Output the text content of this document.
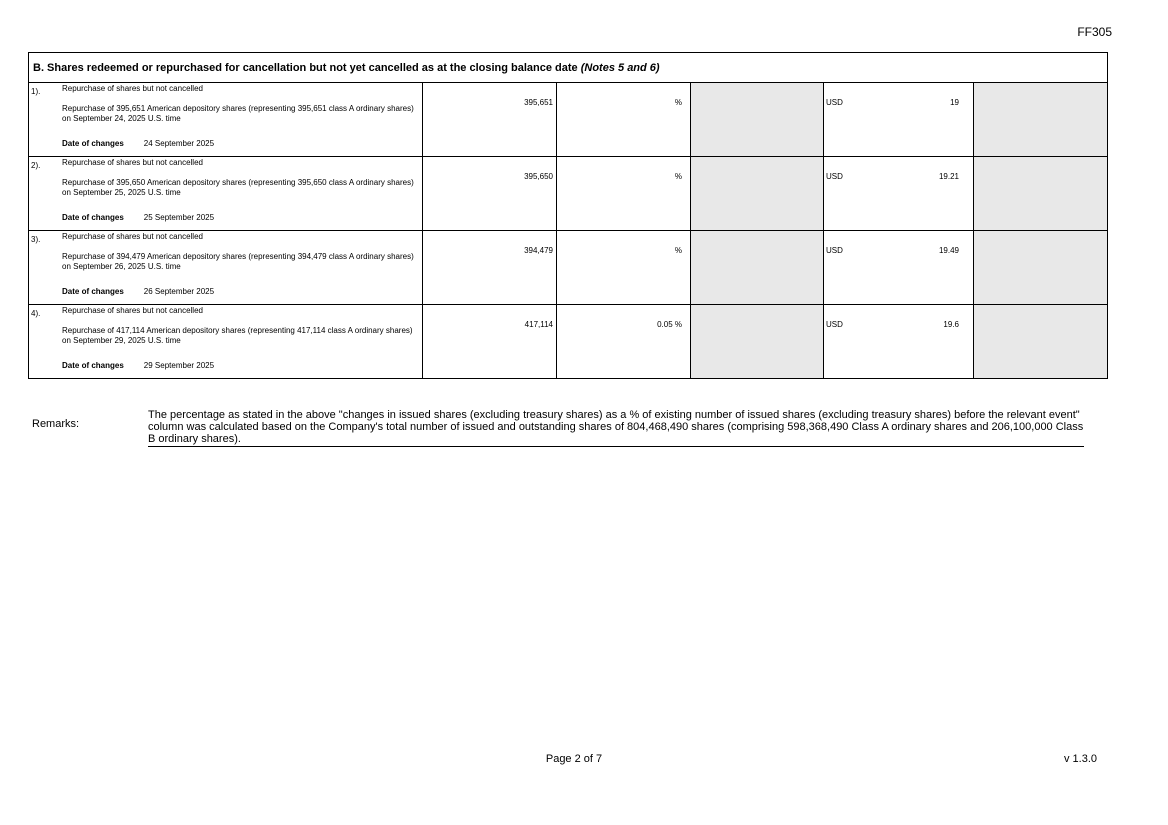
FF305
B. Shares redeemed or repurchased for cancellation but not yet cancelled as at the closing balance date (Notes 5 and 6)
1).	Repurchase of shares but not cancelled
Repurchase of 395,651 American depository shares (representing 395,651 class A ordinary shares) on September 24, 2025 U.S. time
Date of changes	24 September 2025
395,651	%	USD	19
2).	Repurchase of shares but not cancelled
Repurchase of 395,650 American depository shares (representing 395,650 class A ordinary shares) on September 25, 2025 U.S. time
Date of changes	25 September 2025
395,650	%	USD	19.21
3).	Repurchase of shares but not cancelled
Repurchase of 394,479 American depository shares (representing 394,479 class A ordinary shares) on September 26, 2025 U.S. time
Date of changes	26 September 2025
394,479	%	USD	19.49
4).	Repurchase of shares but not cancelled
Repurchase of 417,114 American depository shares (representing 417,114 class A ordinary shares) on September 29, 2025 U.S. time
Date of changes	29 September 2025
417,114	0.05 %	USD	19.6
Remarks:
The percentage as stated in the above "changes in issued shares (excluding treasury shares) as a % of existing number of issued shares (excluding treasury shares) before the relevant event" column was calculated based on the Company's total number of issued and outstanding shares of 804,468,490 shares (comprising 598,368,490 Class A ordinary shares and 206,100,000 Class B ordinary shares).
Page 2 of 7	v 1.3.0
